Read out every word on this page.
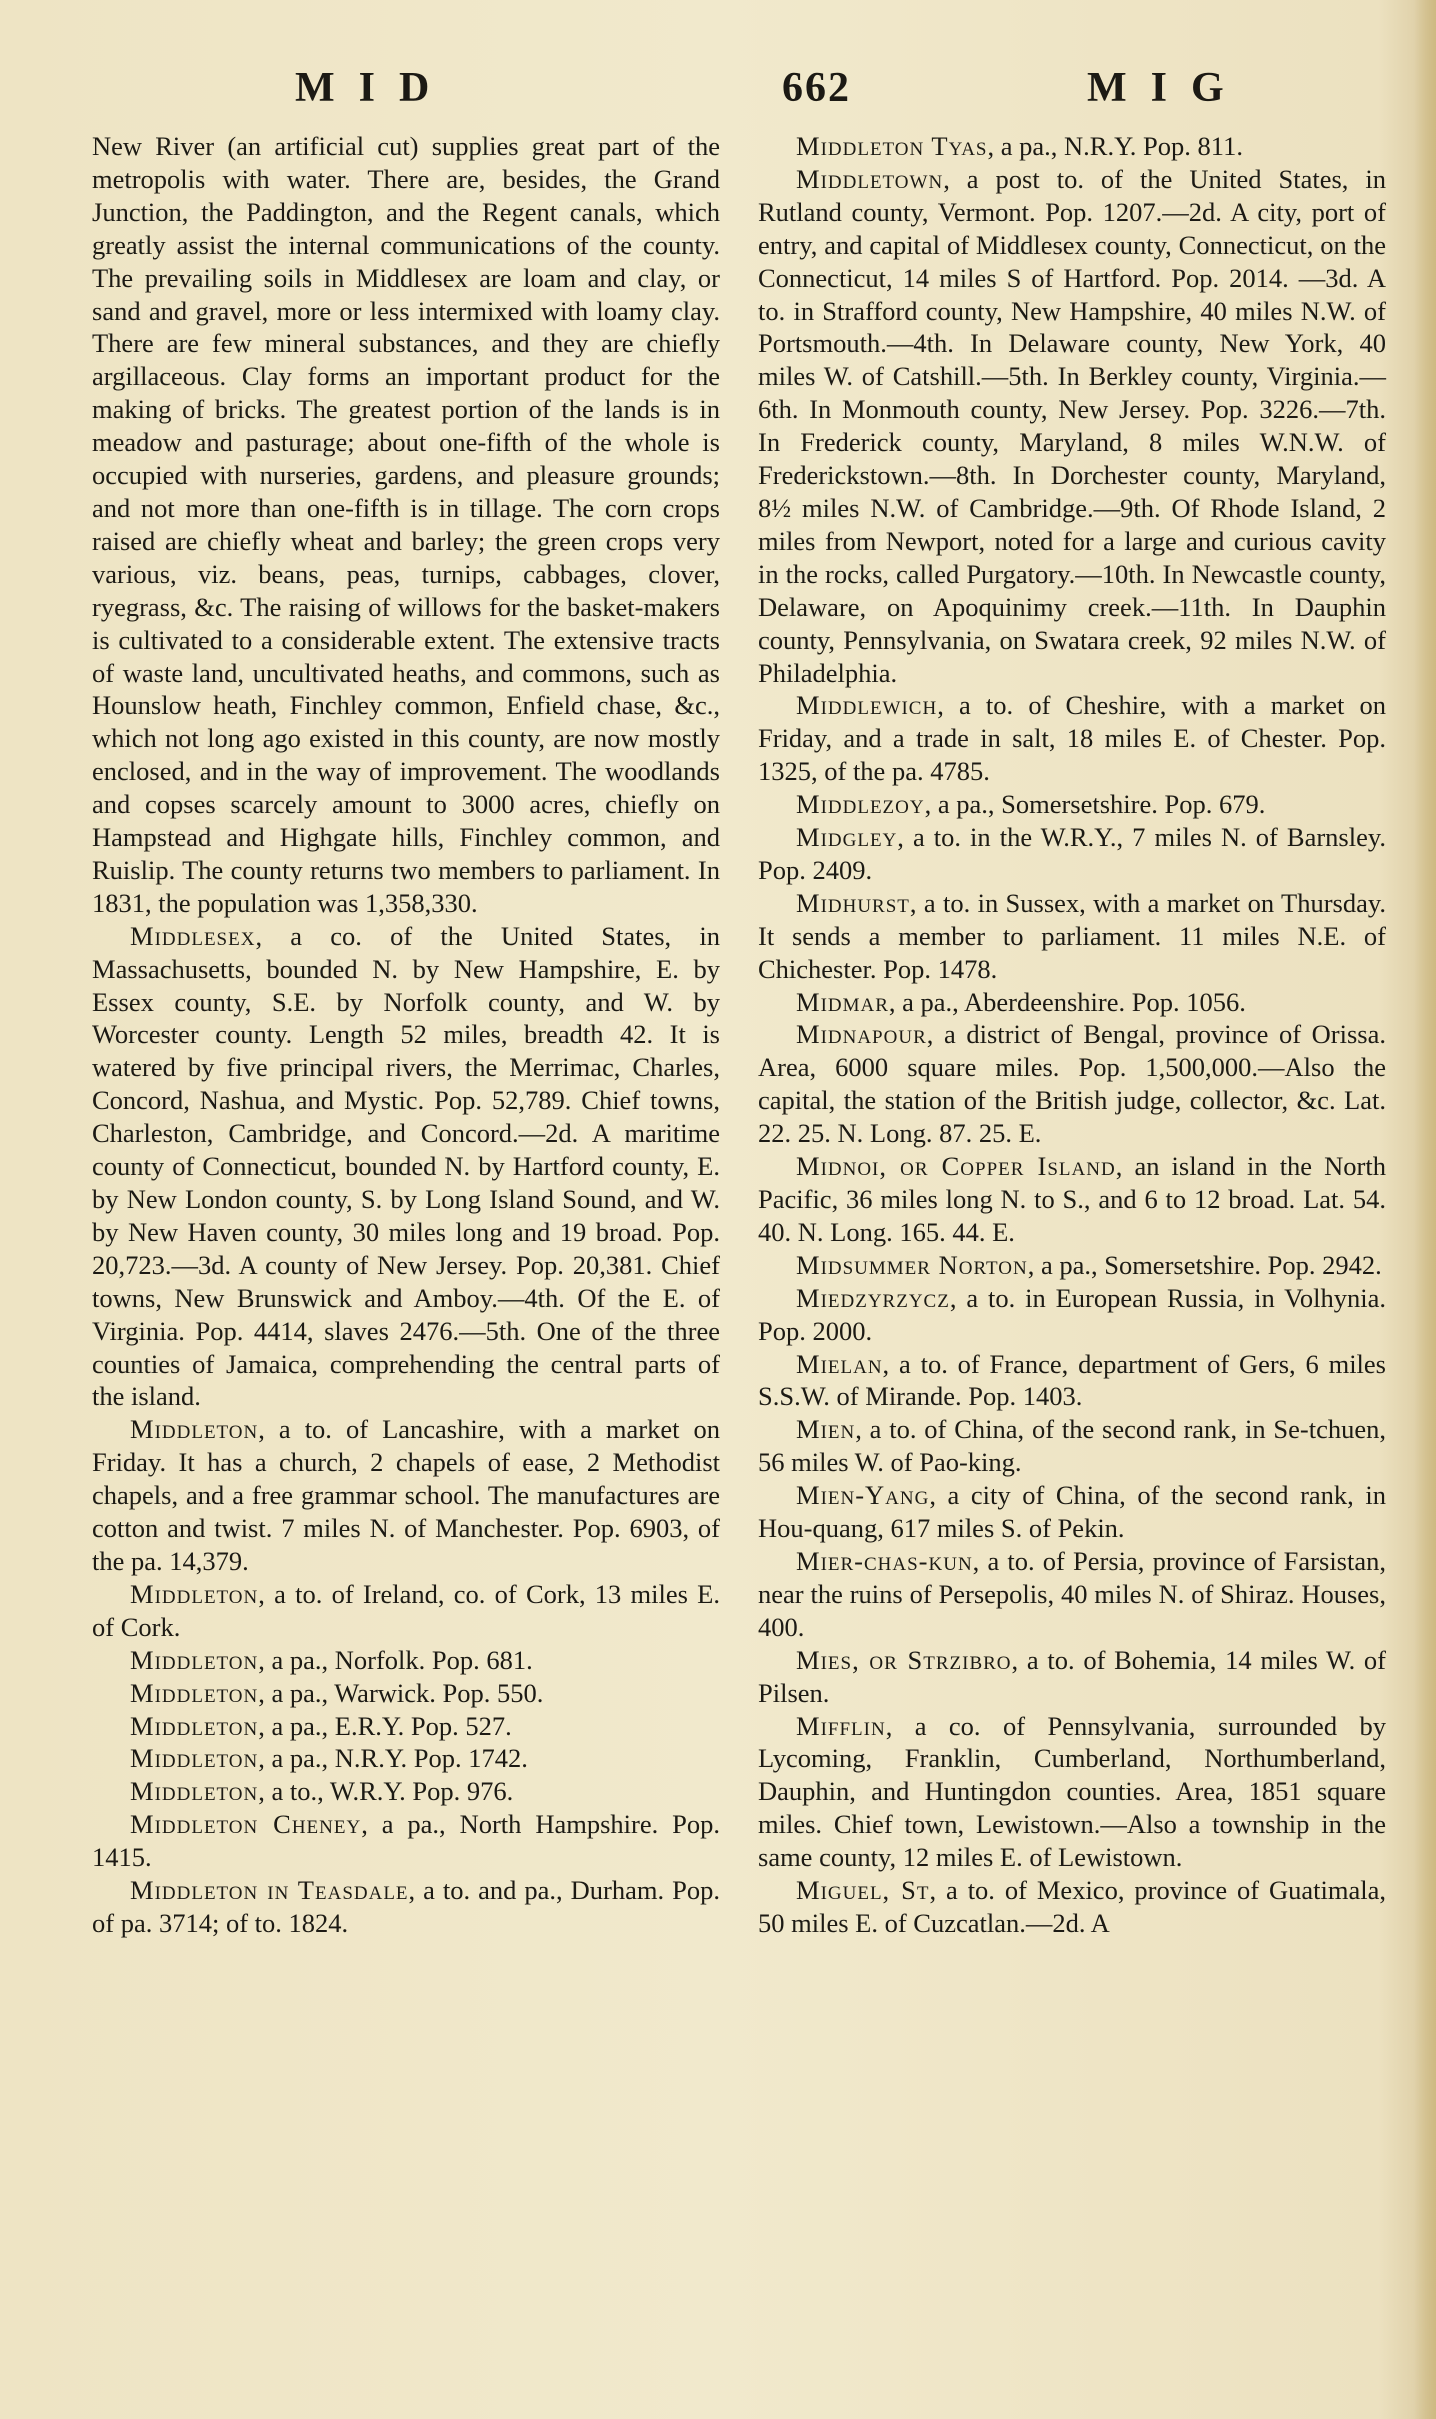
MID	662	MIG

New River (an artificial cut) supplies great part of the metropolis with water. There are, besides, the Grand Junction, the Paddington, and the Regent canals, which greatly assist the internal communications of the county. The prevailing soils in Middlesex are loam and clay, or sand and gravel, more or less intermixed with loamy clay. There are few mineral substances, and they are chiefly argillaceous. Clay forms an important product for the making of bricks. The greatest portion of the lands is in meadow and pasturage; about one-fifth of the whole is occupied with nurseries, gardens, and pleasure grounds; and not more than one-fifth is in tillage. The corn crops raised are chiefly wheat and barley; the green crops very various, viz. beans, peas, turnips, cabbages, clover, ryegrass, &c. The raising of willows for the basket-makers is cultivated to a considerable extent. The extensive tracts of waste land, uncultivated heaths, and commons, such as Hounslow heath, Finchley common, Enfield chase, &c., which not long ago existed in this county, are now mostly enclosed, and in the way of improvement. The woodlands and copses scarcely amount to 3000 acres, chiefly on Hampstead and Highgate hills, Finchley common, and Ruislip. The county returns two members to parliament. In 1831, the population was 1,358,330.

Middlesex, a co. of the United States, in Massachusetts, bounded N. by New Hampshire, E. by Essex county, S.E. by Norfolk county, and W. by Worcester county. Length 52 miles, breadth 42. It is watered by five principal rivers, the Merrimac, Charles, Concord, Nashua, and Mystic. Pop. 52,789. Chief towns, Charleston, Cambridge, and Concord.—2d. A maritime county of Connecticut, bounded N. by Hartford county, E. by New London county, S. by Long Island Sound, and W. by New Haven county, 30 miles long and 19 broad. Pop. 20,723.—3d. A county of New Jersey. Pop. 20,381. Chief towns, New Brunswick and Amboy.—4th. Of the E. of Virginia. Pop. 4414, slaves 2476.—5th. One of the three counties of Jamaica, comprehending the central parts of the island.

Middleton, a to. of Lancashire, with a market on Friday. It has a church, 2 chapels of ease, 2 Methodist chapels, and a free grammar school. The manufactures are cotton and twist. 7 miles N. of Manchester. Pop. 6903, of the pa. 14,379.

Middleton, a to. of Ireland, co. of Cork, 13 miles E. of Cork.

Middleton, a pa., Norfolk. Pop. 681.

Middleton, a pa., Warwick. Pop. 550.

Middleton, a pa., E.R.Y. Pop. 527.

Middleton, a pa., N.R.Y. Pop. 1742.

Middleton, a to., W.R.Y. Pop. 976.

Middleton Cheney, a pa., North Hampshire. Pop. 1415.

Middleton in Teasdale, a to. and pa., Durham. Pop. of pa. 3714; of to. 1824.

Middleton Tyas, a pa., N.R.Y. Pop. 811.

Middletown, a post to. of the United States, in Rutland county, Vermont. Pop. 1207.—2d. A city, port of entry, and capital of Middlesex county, Connecticut, on the Connecticut, 14 miles S of Hartford. Pop. 2014. —3d. A to. in Strafford county, New Hampshire, 40 miles N.W. of Portsmouth.—4th. In Delaware county, New York, 40 miles W. of Catshill.—5th. In Berkley county, Virginia.—6th. In Monmouth county, New Jersey. Pop. 3226.—7th. In Frederick county, Maryland, 8 miles W.N.W. of Frederickstown.—8th. In Dorchester county, Maryland, 8½ miles N.W. of Cambridge.—9th. Of Rhode Island, 2 miles from Newport, noted for a large and curious cavity in the rocks, called Purgatory.—10th. In Newcastle county, Delaware, on Apoquinimy creek.—11th. In Dauphin county, Pennsylvania, on Swatara creek, 92 miles N.W. of Philadelphia.

Middlewich, a to. of Cheshire, with a market on Friday, and a trade in salt, 18 miles E. of Chester. Pop. 1325, of the pa. 4785.

Middlezoy, a pa., Somersetshire. Pop. 679.

Midgley, a to. in the W.R.Y., 7 miles N. of Barnsley. Pop. 2409.

Midhurst, a to. in Sussex, with a market on Thursday. It sends a member to parliament. 11 miles N.E. of Chichester. Pop. 1478.

Midmar, a pa., Aberdeenshire. Pop. 1056.

Midnapour, a district of Bengal, province of Orissa. Area, 6000 square miles. Pop. 1,500,000.—Also the capital, the station of the British judge, collector, &c. Lat. 22. 25. N. Long. 87. 25. E.

Midnoi, or Copper Island, an island in the North Pacific, 36 miles long N. to S., and 6 to 12 broad. Lat. 54. 40. N. Long. 165. 44. E.

Midsummer Norton, a pa., Somersetshire. Pop. 2942.

Miedzyrzycz, a to. in European Russia, in Volhynia. Pop. 2000.

Mielan, a to. of France, department of Gers, 6 miles S.S.W. of Mirande. Pop. 1403.

Mien, a to. of China, of the second rank, in Se-tchuen, 56 miles W. of Pao-king.

Mien-Yang, a city of China, of the second rank, in Hou-quang, 617 miles S. of Pekin.

Mier-chas-kun, a to. of Persia, province of Farsistan, near the ruins of Persepolis, 40 miles N. of Shiraz. Houses, 400.

Mies, or Strzibro, a to. of Bohemia, 14 miles W. of Pilsen.

Mifflin, a co. of Pennsylvania, surrounded by Lycoming, Franklin, Cumberland, Northumberland, Dauphin, and Huntingdon counties. Area, 1851 square miles. Chief town, Lewistown.—Also a township in the same county, 12 miles E. of Lewistown.

Miguel, St, a to. of Mexico, province of Guatimala, 50 miles E. of Cuzcatlan.—2d. A
